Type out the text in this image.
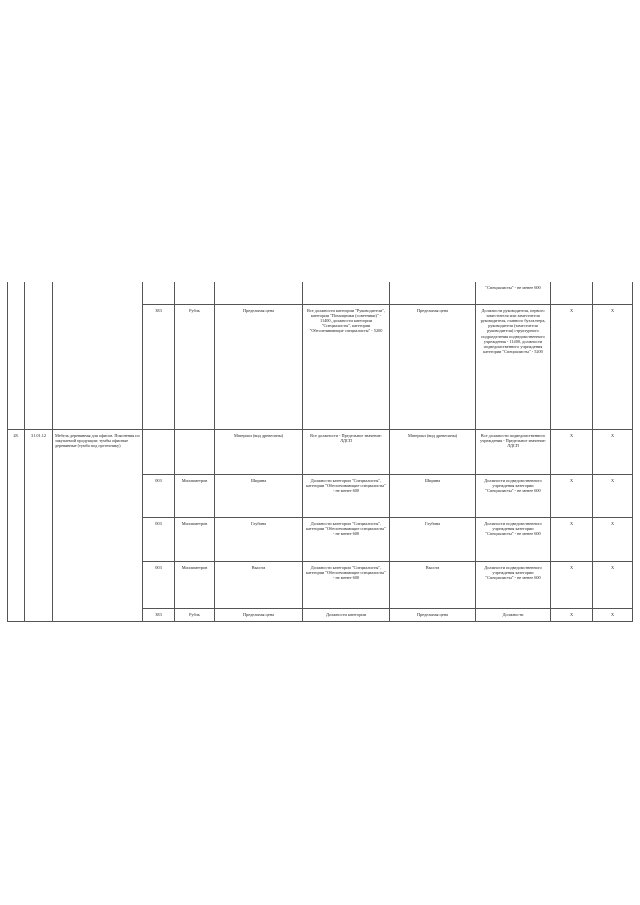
								"Специалисты" - не менее 600		

			383	Рубль	Предельная цена	Все должности категории "Руководители", категории "Помощники (советники)" - 11400, должности категории "Специалисты", категории "Обеспечивающие специалисты" - 5200	Предельная цена	Должности руководителя, первого заместителя или заместителя руководителя, главного бухгалтера, руководителя (заместителя руководителя) структурного подразделения подведомственного учреждения - 11400, должности подведомственного учреждения категории "Специалисты" - 5200	X	X

28.	31.01.12	Мебель деревянная для офисов. Пояснения по закупаемой продукции: тумбы офисные деревянные (тумба под оргтехнику)			Материал (вид древесины)	Все должности - Предельное значение: ЛДСП	Материал (вид древесины)	Все должности подведомственного учреждения - Предельное значение: ЛДСП	X	X

			003	Миллиметров	Ширина	Должности категории "Специалисты", категории "Обеспечивающие специалисты" - не менее 600	Ширина	Должности подведомственного учреждения категории "Специалисты" - не менее 600	X	X

			003	Миллиметров	Глубина	Должности категории "Специалисты", категории "Обеспечивающие специалисты" - не менее 600	Глубина	Должности подведомственного учреждения категории "Специалисты" - не менее 600	X	X

			003	Миллиметров	Высота	Должности категории "Специалисты", категории "Обеспечивающие специалисты" - не менее 600	Высота	Должности подведомственного учреждения категории "Специалисты" - не менее 600	X	X

			383	Рубль	Предельная цена	Должности категории	Предельная цена	Должности	X	X
